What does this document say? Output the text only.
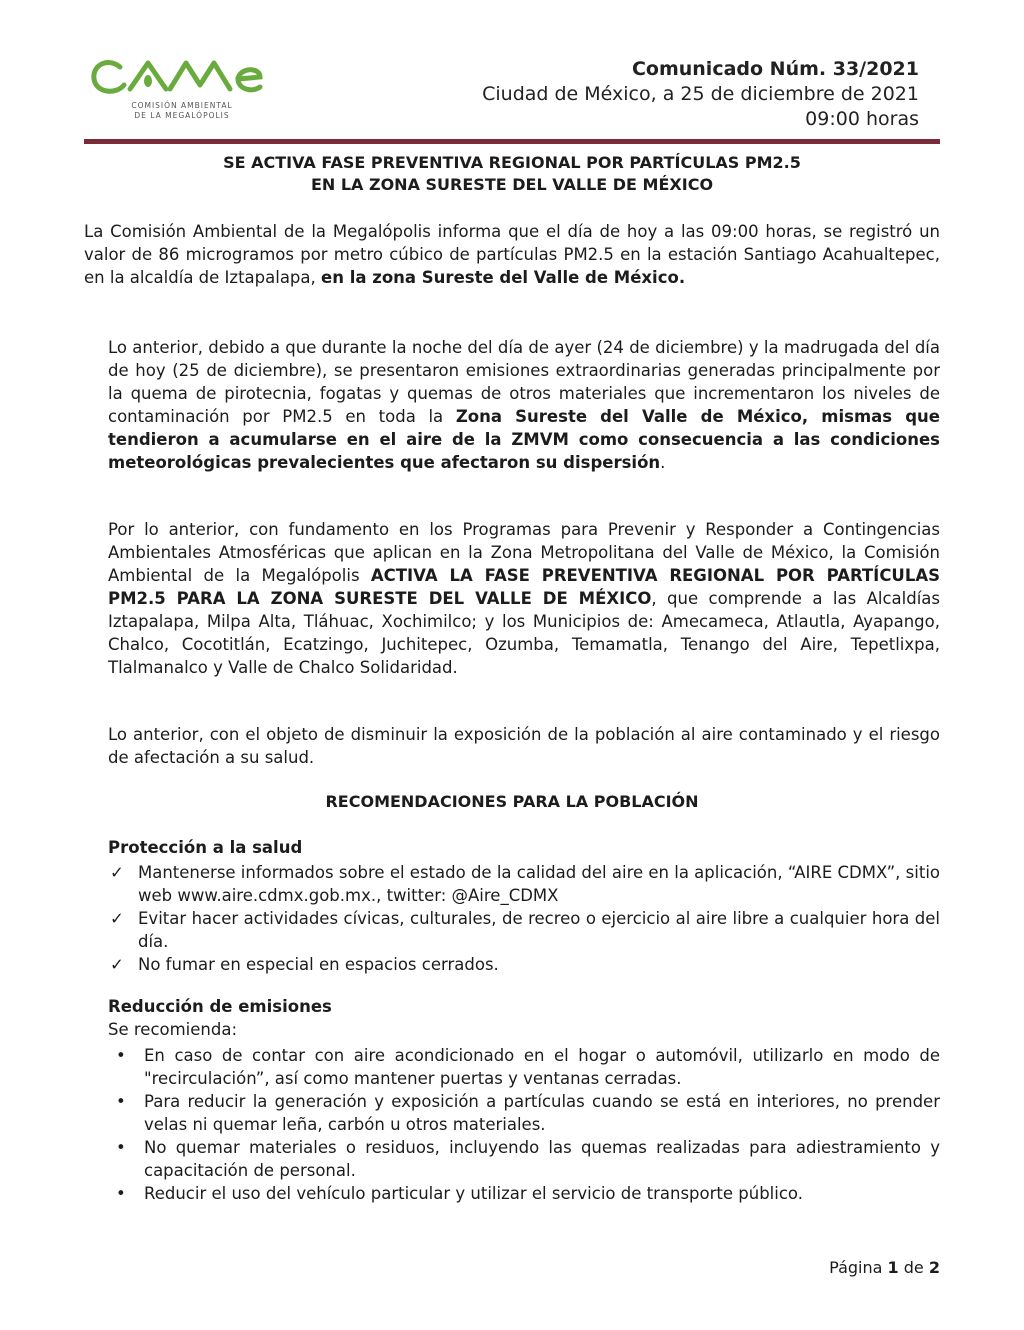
COMISIÓN AMBIENTAL
DE LA MEGALÓPOLIS
Comunicado Núm. 33/2021
Ciudad de México, a 25 de diciembre de 2021
09:00 horas
SE ACTIVA FASE PREVENTIVA REGIONAL POR PARTÍCULAS PM2.5
EN LA ZONA SURESTE DEL VALLE DE MÉXICO

La Comisión Ambiental de la Megalópolis informa que el día de hoy a las 09:00 horas, se registró un valor de 86 microgramos por metro cúbico de partículas PM2.5 en la estación Santiago Acahualtepec, en la alcaldía de Iztapalapa, en la zona Sureste del Valle de México.

Lo anterior, debido a que durante la noche del día de ayer (24 de diciembre) y la madrugada del día de hoy (25 de diciembre), se presentaron emisiones extraordinarias generadas principalmente por la quema de pirotecnia, fogatas y quemas de otros materiales que incrementaron los niveles de contaminación por PM2.5 en toda la Zona Sureste del Valle de México, mismas que tendieron a acumularse en el aire de la ZMVM como consecuencia a las condiciones meteorológicas prevalecientes que afectaron su dispersión.

Por lo anterior, con fundamento en los Programas para Prevenir y Responder a Contingencias Ambientales Atmosféricas que aplican en la Zona Metropolitana del Valle de México, la Comisión Ambiental de la Megalópolis ACTIVA LA FASE PREVENTIVA REGIONAL POR PARTÍCULAS PM2.5 PARA LA ZONA SURESTE DEL VALLE DE MÉXICO, que comprende a las Alcaldías Iztapalapa, Milpa Alta, Tláhuac, Xochimilco; y los Municipios de: Amecameca, Atlautla, Ayapango, Chalco, Cocotitlán, Ecatzingo, Juchitepec, Ozumba, Temamatla, Tenango del Aire, Tepetlixpa, Tlalmanalco y Valle de Chalco Solidaridad.

Lo anterior, con el objeto de disminuir la exposición de la población al aire contaminado y el riesgo de afectación a su salud.

RECOMENDACIONES PARA LA POBLACIÓN
Protección a la salud
✓ Mantenerse informados sobre el estado de la calidad del aire en la aplicación, “AIRE CDMX”, sitio web www.aire.cdmx.gob.mx., twitter: @Aire_CDMX
✓ Evitar hacer actividades cívicas, culturales, de recreo o ejercicio al aire libre a cualquier hora del día.
✓ No fumar en especial en espacios cerrados.
Reducción de emisiones
Se recomienda:
• En caso de contar con aire acondicionado en el hogar o automóvil, utilizarlo en modo de "recirculación”, así como mantener puertas y ventanas cerradas.
• Para reducir la generación y exposición a partículas cuando se está en interiores, no prender velas ni quemar leña, carbón u otros materiales.
• No quemar materiales o residuos, incluyendo las quemas realizadas para adiestramiento y capacitación de personal.
• Reducir el uso del vehículo particular y utilizar el servicio de transporte público.
Página 1 de 2
